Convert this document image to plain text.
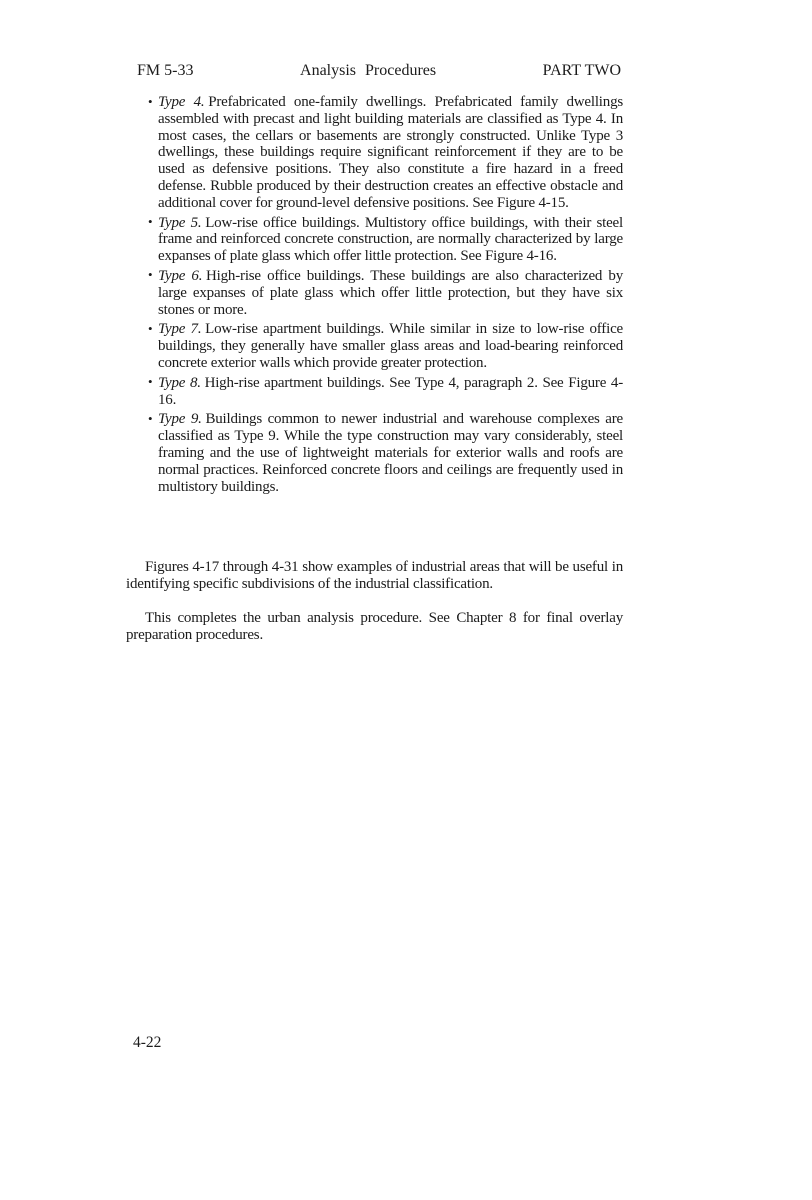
FM 5-33	Analysis Procedures	PART TWO
• Type 4. Prefabricated one-family dwellings. Prefabricated family dwellings assembled with precast and light building materials are classified as Type 4. In most cases, the cellars or basements are strongly constructed. Unlike Type 3 dwellings, these buildings require significant reinforcement if they are to be used as defensive positions. They also constitute a fire hazard in a freed defense. Rubble produced by their destruction creates an effective obstacle and additional cover for ground-level defensive positions. See Figure 4-15.
• Type 5. Low-rise office buildings. Multistory office buildings, with their steel frame and reinforced concrete construction, are normally characterized by large expanses of plate glass which offer little protection. See Figure 4-16.
• Type 6. High-rise office buildings. These buildings are also characterized by large expanses of plate glass which offer little protection, but they have six stones or more.
• Type 7. Low-rise apartment buildings. While similar in size to low-rise office buildings, they generally have smaller glass areas and load-bearing reinforced concrete exterior walls which provide greater protection.
• Type 8. High-rise apartment buildings. See Type 4, paragraph 2. See Figure 4-16.
• Type 9. Buildings common to newer industrial and warehouse complexes are classified as Type 9. While the type construction may vary considerably, steel framing and the use of lightweight materials for exterior walls and roofs are normal practices. Reinforced concrete floors and ceilings are frequently used in multistory buildings.

Figures 4-17 through 4-31 show examples of industrial areas that will be useful in identifying specific subdivisions of the industrial classification.

This completes the urban analysis procedure. See Chapter 8 for final overlay preparation procedures.

4-22
